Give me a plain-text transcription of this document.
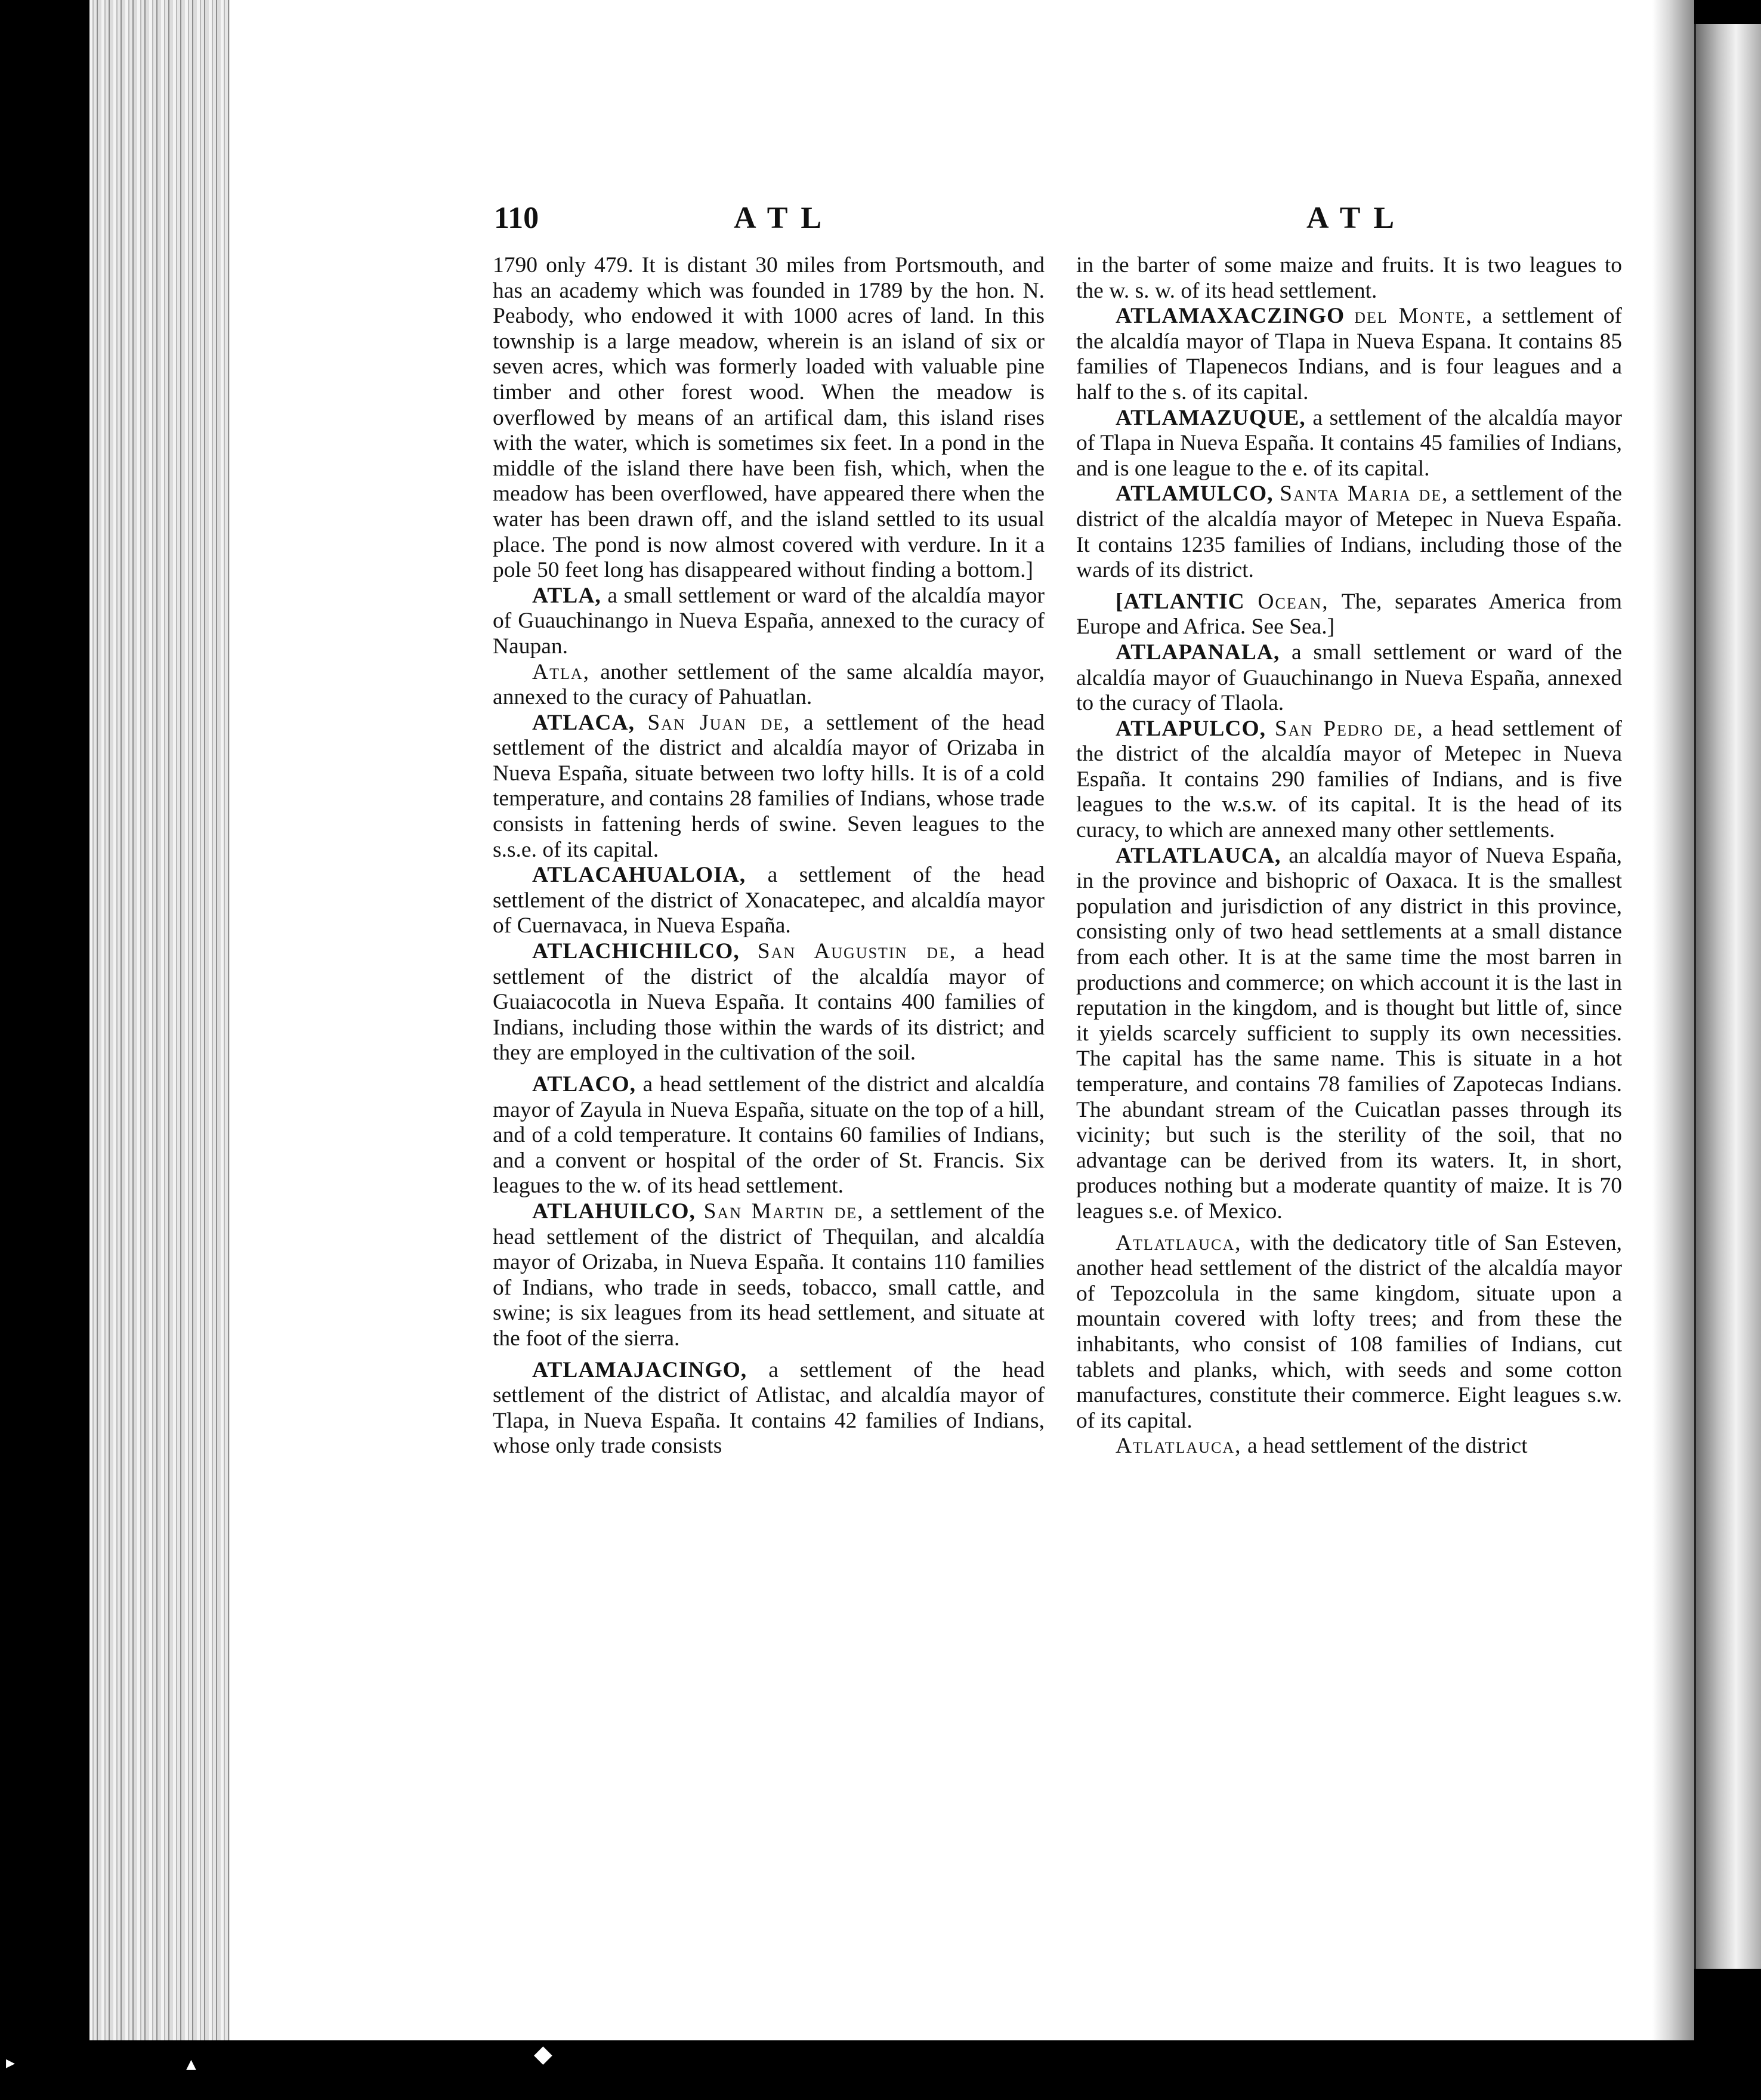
▸	▲	◆
110	ATL	ATL

1790 only 479. It is distant 30 miles from Portsmouth, and has an academy which was founded in 1789 by the hon. N. Peabody, who endowed it with 1000 acres of land. In this township is a large meadow, wherein is an island of six or seven acres, which was formerly loaded with valuable pine timber and other forest wood. When the meadow is overflowed by means of an artifical dam, this island rises with the water, which is sometimes six feet. In a pond in the middle of the island there have been fish, which, when the meadow has been overflowed, have appeared there when the water has been drawn off, and the island settled to its usual place. The pond is now almost covered with verdure. In it a pole 50 feet long has disappeared without finding a bottom.]

ATLA, a small settlement or ward of the alcaldía mayor of Guauchinango in Nueva España, annexed to the curacy of Naupan.

Atla, another settlement of the same alcaldía mayor, annexed to the curacy of Pahuatlan.

ATLACA, San Juan de, a settlement of the head settlement of the district and alcaldía mayor of Orizaba in Nueva España, situate between two lofty hills. It is of a cold temperature, and contains 28 families of Indians, whose trade consists in fattening herds of swine. Seven leagues to the s.s.e. of its capital.

ATLACAHUALOIA, a settlement of the head settlement of the district of Xonacatepec, and alcaldía mayor of Cuernavaca, in Nueva España.

ATLACHICHILCO, San Augustin de, a head settlement of the district of the alcaldía mayor of Guaiacocotla in Nueva España. It contains 400 families of Indians, including those within the wards of its district; and they are employed in the cultivation of the soil.

ATLACO, a head settlement of the district and alcaldía mayor of Zayula in Nueva España, situate on the top of a hill, and of a cold temperature. It contains 60 families of Indians, and a convent or hospital of the order of St. Francis. Six leagues to the w. of its head settlement.

ATLAHUILCO, San Martin de, a settlement of the head settlement of the district of Thequilan, and alcaldía mayor of Orizaba, in Nueva España. It contains 110 families of Indians, who trade in seeds, tobacco, small cattle, and swine; is six leagues from its head settlement, and situate at the foot of the sierra.

ATLAMAJACINGO, a settlement of the head settlement of the district of Atlistac, and alcaldía mayor of Tlapa, in Nueva España. It contains 42 families of Indians, whose only trade consists

in the barter of some maize and fruits. It is two leagues to the w. s. w. of its head settlement.

ATLAMAXACZINGO del Monte, a settlement of the alcaldía mayor of Tlapa in Nueva Espana. It contains 85 families of Tlapenecos Indians, and is four leagues and a half to the s. of its capital.

ATLAMAZUQUE, a settlement of the alcaldía mayor of Tlapa in Nueva España. It contains 45 families of Indians, and is one league to the e. of its capital.

ATLAMULCO, Santa Maria de, a settlement of the district of the alcaldía mayor of Metepec in Nueva España. It contains 1235 families of Indians, including those of the wards of its district.

[ATLANTIC Ocean, The, separates America from Europe and Africa. See Sea.]

ATLAPANALA, a small settlement or ward of the alcaldía mayor of Guauchinango in Nueva España, annexed to the curacy of Tlaola.

ATLAPULCO, San Pedro de, a head settlement of the district of the alcaldía mayor of Metepec in Nueva España. It contains 290 families of Indians, and is five leagues to the w.s.w. of its capital. It is the head of its curacy, to which are annexed many other settlements.

ATLATLAUCA, an alcaldía mayor of Nueva España, in the province and bishopric of Oaxaca. It is the smallest population and jurisdiction of any district in this province, consisting only of two head settlements at a small distance from each other. It is at the same time the most barren in productions and commerce; on which account it is the last in reputation in the kingdom, and is thought but little of, since it yields scarcely sufficient to supply its own necessities. The capital has the same name. This is situate in a hot temperature, and contains 78 families of Zapotecas Indians. The abundant stream of the Cuicatlan passes through its vicinity; but such is the sterility of the soil, that no advantage can be derived from its waters. It, in short, produces nothing but a moderate quantity of maize. It is 70 leagues s.e. of Mexico.

Atlatlauca, with the dedicatory title of San Esteven, another head settlement of the district of the alcaldía mayor of Tepozcolula in the same kingdom, situate upon a mountain covered with lofty trees; and from these the inhabitants, who consist of 108 families of Indians, cut tablets and planks, which, with seeds and some cotton manufactures, constitute their commerce. Eight leagues s.w. of its capital.

Atlatlauca, a head settlement of the district
